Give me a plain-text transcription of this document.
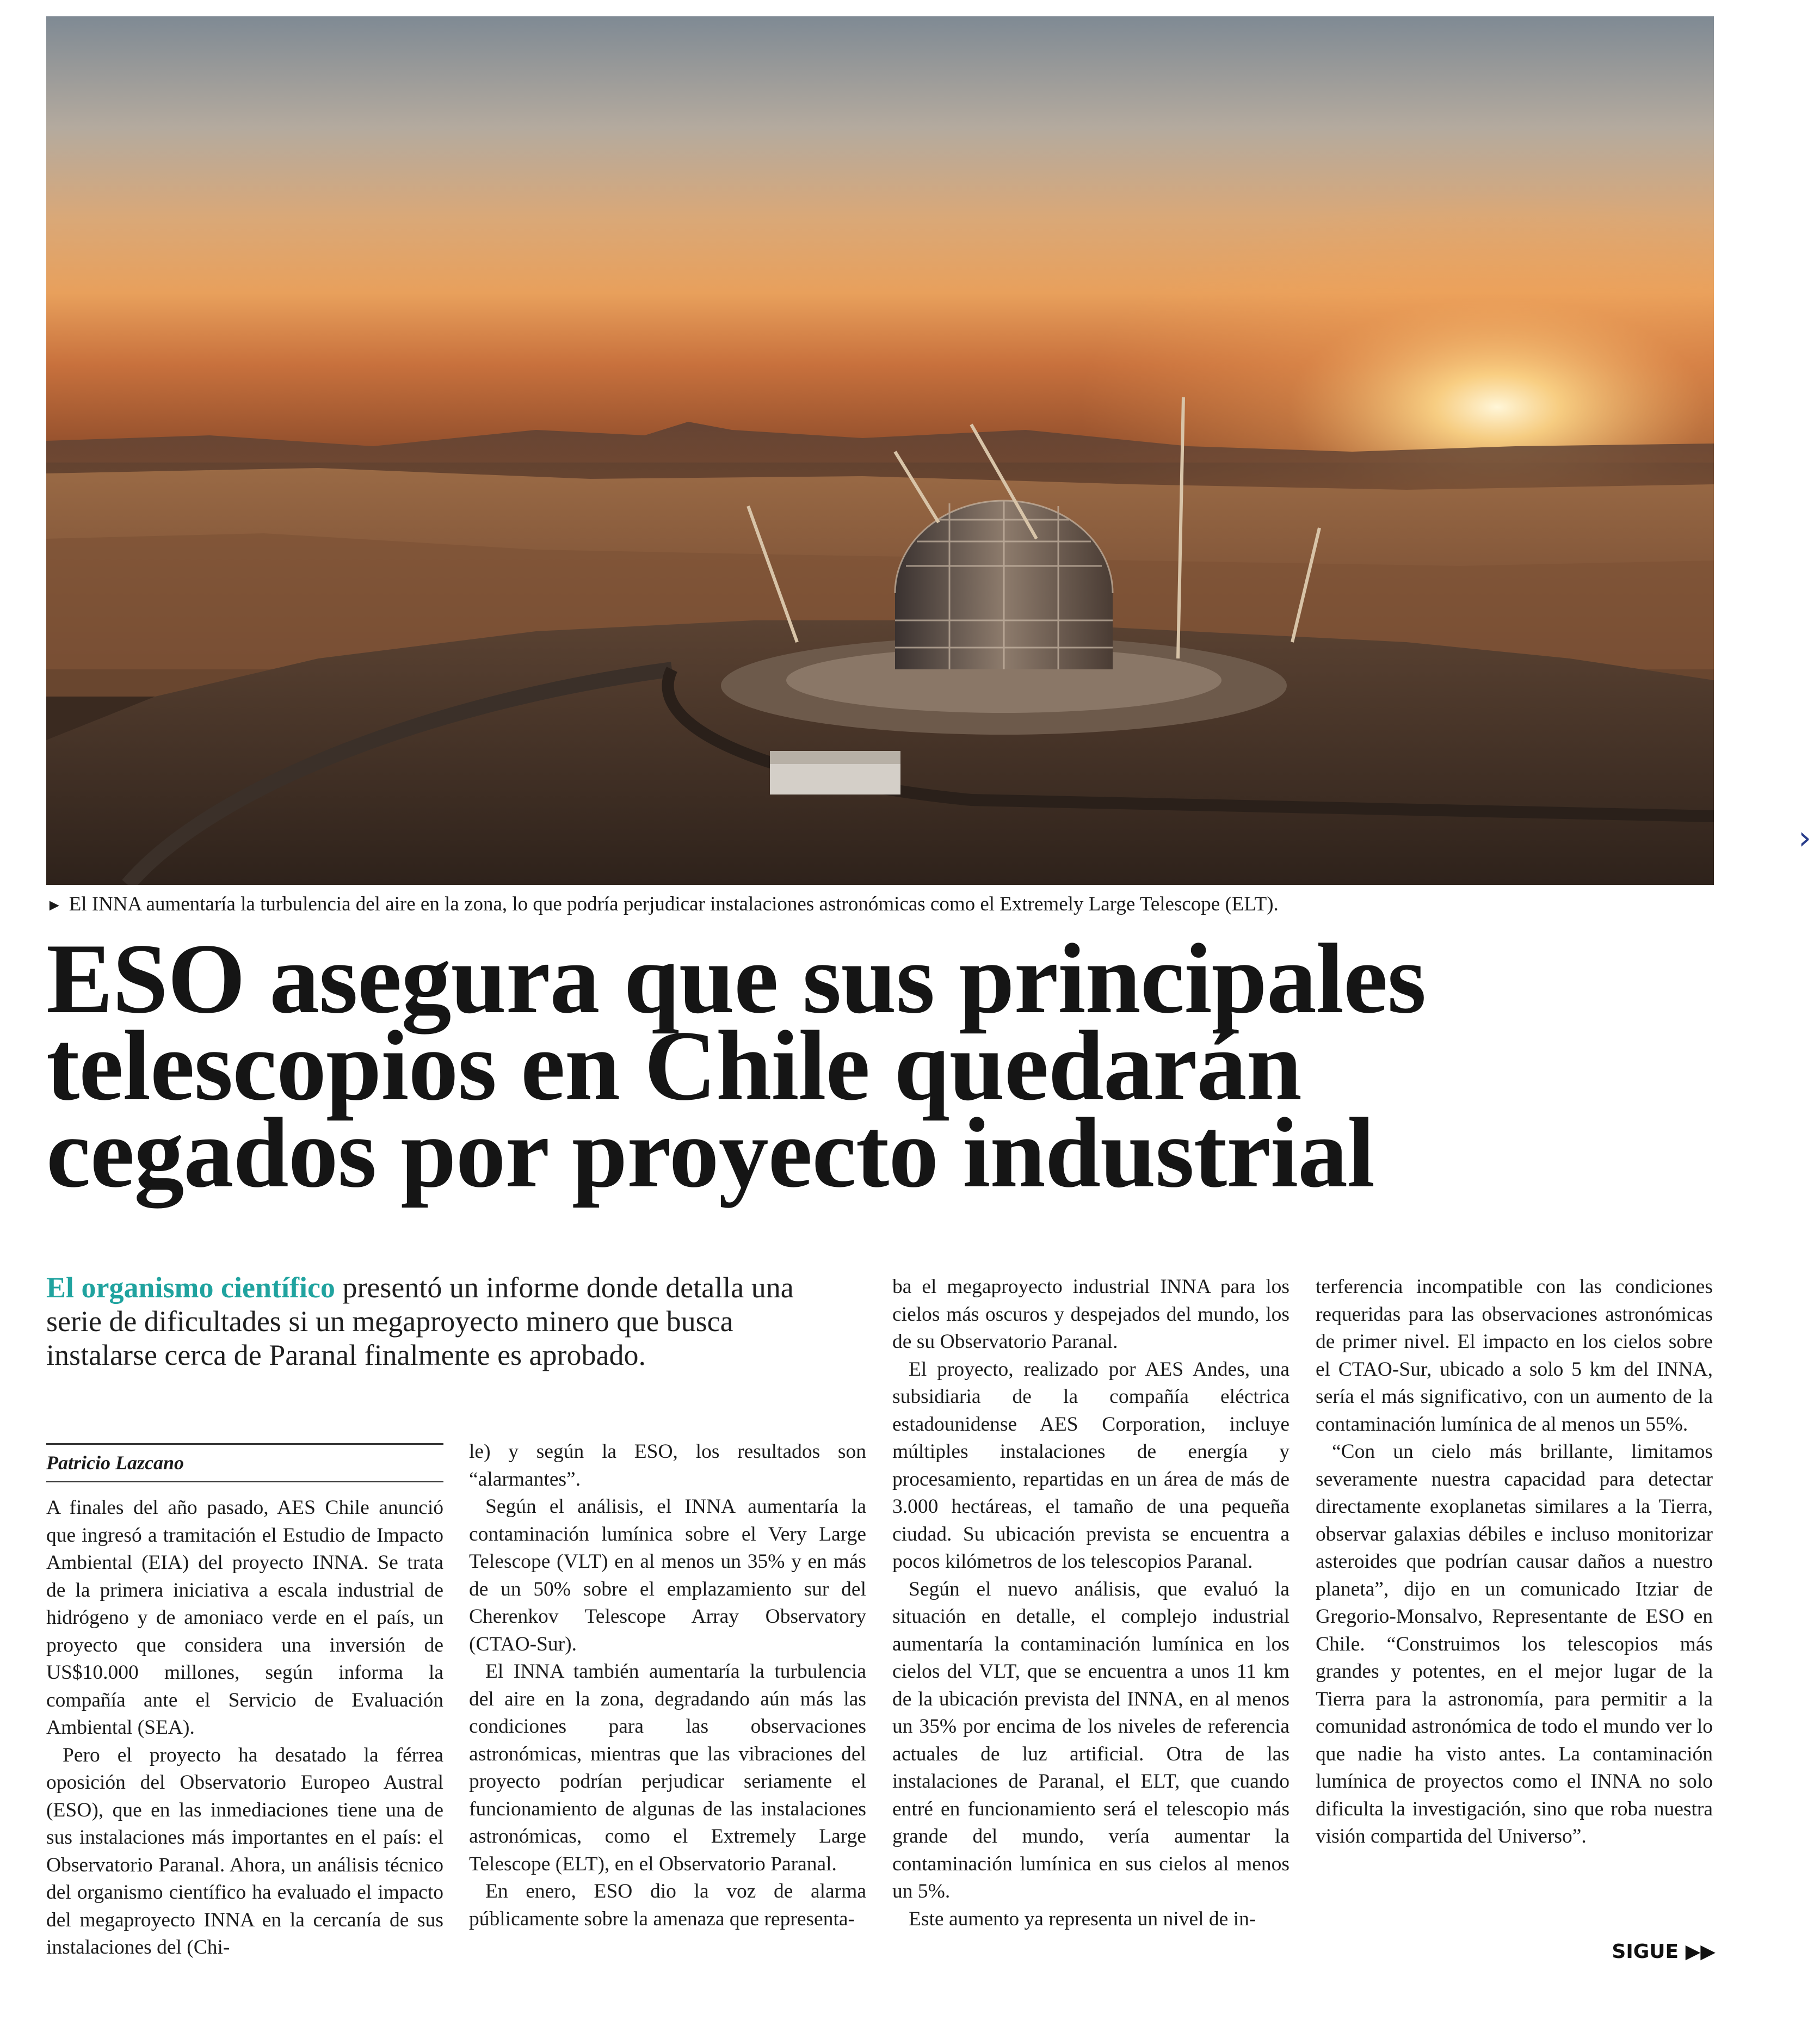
► El INNA aumentaría la turbulencia del aire en la zona, lo que podría perjudicar instalaciones astronómicas como el Extremely Large Telescope (ELT).
›
ESO asegura que sus principales
telescopios en Chile quedarán
cegados por proyecto industrial
El organismo científico presentó un informe donde detalla una serie de dificultades si un megaproyecto minero que busca instalarse cerca de Paranal finalmente es aprobado.
Patricio Lazcano

A finales del año pasado, AES Chile anunció que ingresó a tramitación el Estudio de Impacto Ambiental (EIA) del proyecto INNA. Se trata de la primera iniciativa a escala industrial de hidrógeno y de amoniaco verde en el país, un proyecto que considera una inversión de US$10.000 millones, según informa la compañía ante el Servicio de Evaluación Ambiental (SEA).

Pero el proyecto ha desatado la férrea oposición del Observatorio Europeo Austral (ESO), que en las inmediaciones tiene una de sus instalaciones más importantes en el país: el Observatorio Paranal. Ahora, un análisis técnico del organismo científico ha evaluado el impacto del megaproyecto INNA en la cercanía de sus instalaciones del (Chi-

le) y según la ESO, los resultados son “alarmantes”.

Según el análisis, el INNA aumentaría la contaminación lumínica sobre el Very Large Telescope (VLT) en al menos un 35% y en más de un 50% sobre el emplazamiento sur del Cherenkov Telescope Array Observatory (CTAO-Sur).

El INNA también aumentaría la turbulencia del aire en la zona, degradando aún más las condiciones para las observaciones astronómicas, mientras que las vibraciones del proyecto podrían perjudicar seriamente el funcionamiento de algunas de las instalaciones astronómicas, como el Extremely Large Telescope (ELT), en el Observatorio Paranal.

En enero, ESO dio la voz de alarma públicamente sobre la amenaza que representa-

ba el megaproyecto industrial INNA para los cielos más oscuros y despejados del mundo, los de su Observatorio Paranal.

El proyecto, realizado por AES Andes, una subsidiaria de la compañía eléctrica estadounidense AES Corporation, incluye múltiples instalaciones de energía y procesamiento, repartidas en un área de más de 3.000 hectáreas, el tamaño de una pequeña ciudad. Su ubicación prevista se encuentra a pocos kilómetros de los telescopios Paranal.

Según el nuevo análisis, que evaluó la situación en detalle, el complejo industrial aumentaría la contaminación lumínica en los cielos del VLT, que se encuentra a unos 11 km de la ubicación prevista del INNA, en al menos un 35% por encima de los niveles de referencia actuales de luz artificial. Otra de las instalaciones de Paranal, el ELT, que cuando entré en funcionamiento será el telescopio más grande del mundo, vería aumentar la contaminación lumínica en sus cielos al menos un 5%.

Este aumento ya representa un nivel de in-

terferencia incompatible con las condiciones requeridas para las observaciones astronómicas de primer nivel. El impacto en los cielos sobre el CTAO-Sur, ubicado a solo 5 km del INNA, sería el más significativo, con un aumento de la contaminación lumínica de al menos un 55%.

“Con un cielo más brillante, limitamos severamente nuestra capacidad para detectar directamente exoplanetas similares a la Tierra, observar galaxias débiles e incluso monitorizar asteroides que podrían causar daños a nuestro planeta”, dijo en un comunicado Itziar de Gregorio-Monsalvo, Representante de ESO en Chile. “Construimos los telescopios más grandes y potentes, en el mejor lugar de la Tierra para la astronomía, para permitir a la comunidad astronómica de todo el mundo ver lo que nadie ha visto antes. La contaminación lumínica de proyectos como el INNA no solo dificulta la investigación, sino que roba nuestra visión compartida del Universo”.

SIGUE ▶▶
